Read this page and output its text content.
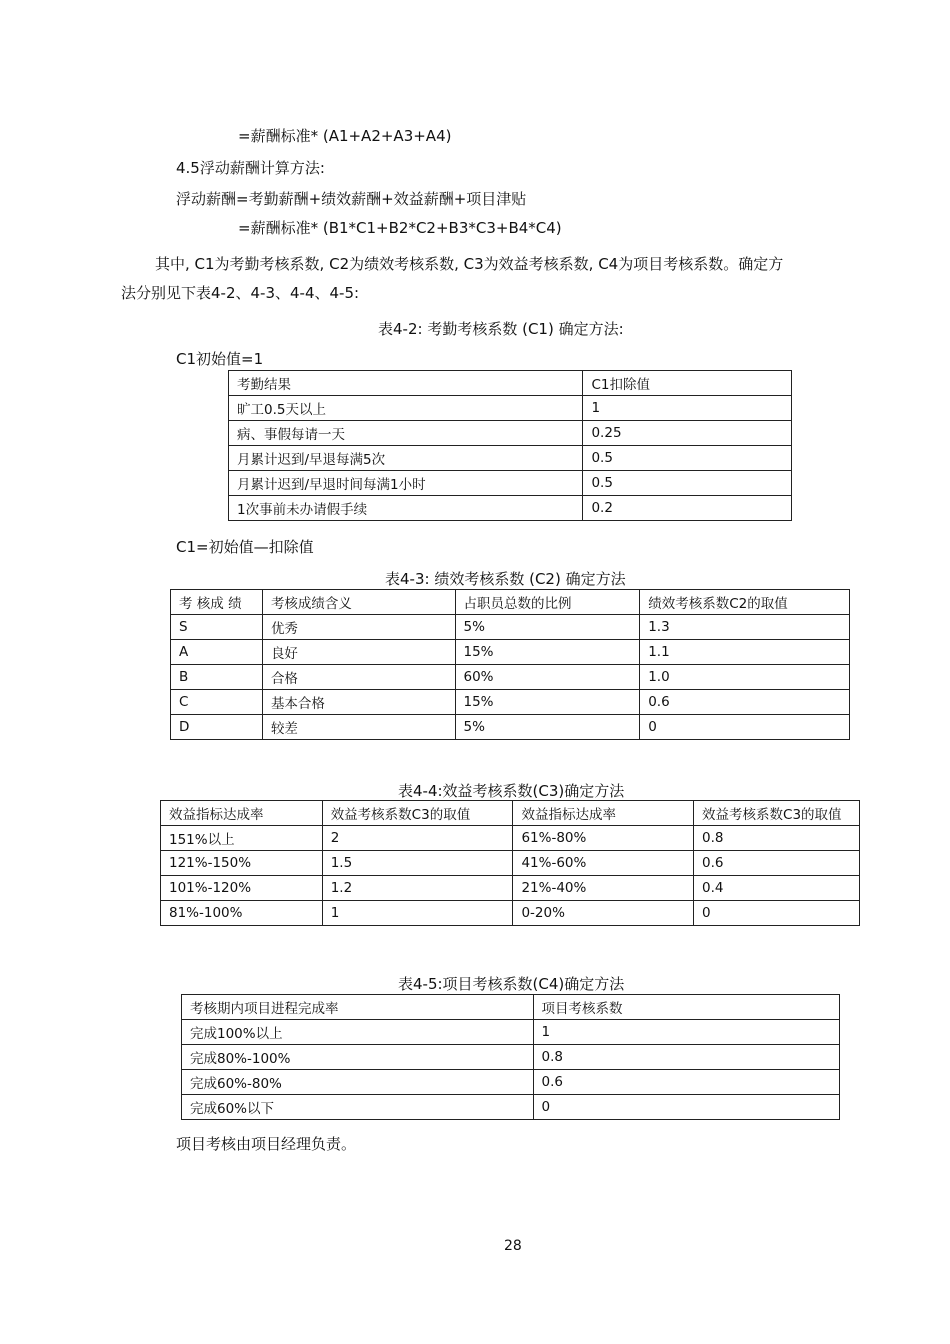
=薪酬标准* (A1+A2+A3+A4)
4.5浮动薪酬计算方法:
浮动薪酬=考勤薪酬+绩效薪酬+效益薪酬+项目津贴
=薪酬标准* (B1*C1+B2*C2+B3*C3+B4*C4)
其中, C1为考勤考核系数, C2为绩效考核系数, C3为效益考核系数, C4为项目考核系数。确定方
法分别见下表4-2、4-3、4-4、4-5:
表4-2: 考勤考核系数 (C1) 确定方法:
C1初始值=1
考勤结果	C1扣除值
旷工0.5天以上	1
病、事假每请一天	0.25
月累计迟到/早退每满5次	0.5
月累计迟到/早退时间每满1小时	0.5
1次事前未办请假手续	0.2
C1=初始值—扣除值
表4-3: 绩效考核系数 (C2) 确定方法
考 核成 绩	考核成绩含义	占职员总数的比例	绩效考核系数C2的取值
S	优秀	5%	1.3
A	良好	15%	1.1
B	合格	60%	1.0
C	基本合格	15%	0.6
D	较差	5%	0
表4-4:效益考核系数(C3)确定方法
效益指标达成率	效益考核系数C3的取值	效益指标达成率	效益考核系数C3的取值
151%以上	2	61%-80%	0.8
121%-150%	1.5	41%-60%	0.6
101%-120%	1.2	21%-40%	0.4
81%-100%	1	0-20%	0
表4-5:项目考核系数(C4)确定方法
考核期内项目进程完成率	项目考核系数
完成100%以上	1
完成80%-100%	0.8
完成60%-80%	0.6
完成60%以下	0
项目考核由项目经理负责。
28
